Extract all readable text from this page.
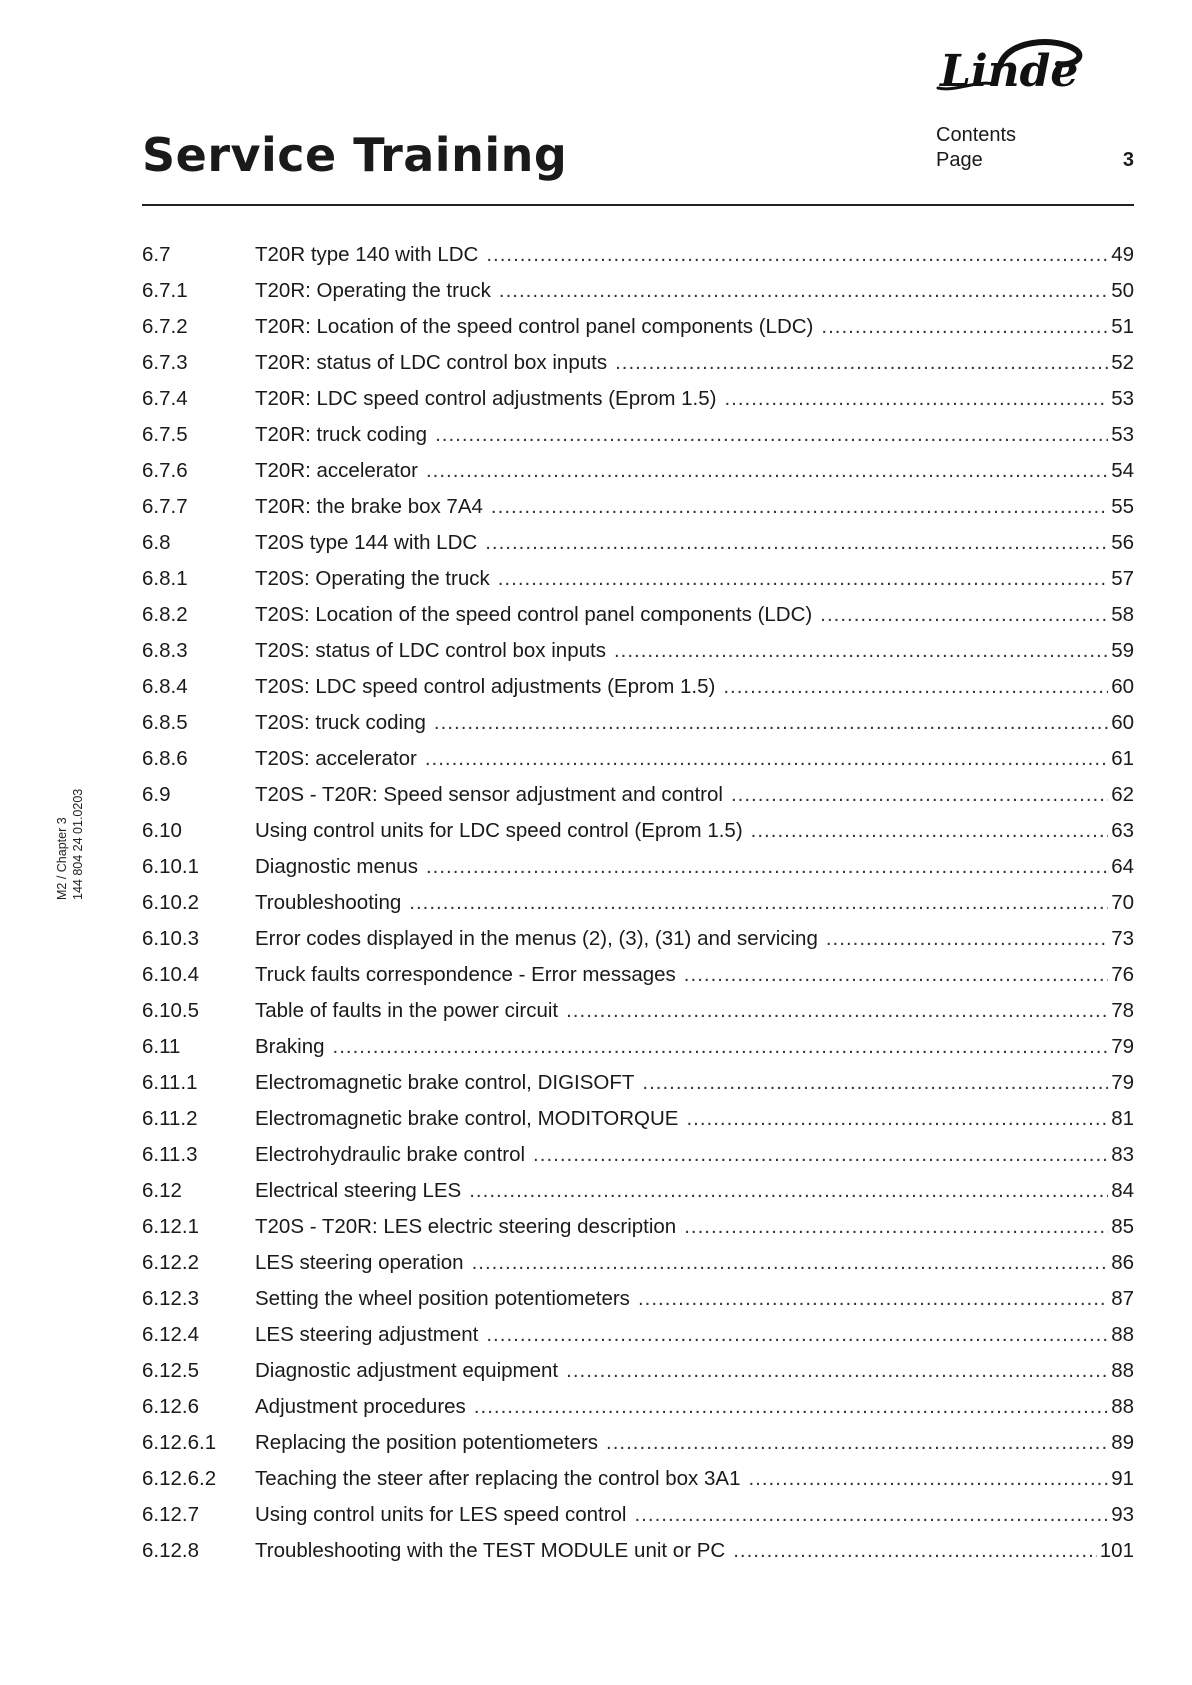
Linde
Service Training	Contents
Page	3
M2 / Chapter 3 144 804 24 01.0203
6.7	T20R type 140 with LDC .....	49
6.7.1	T20R: Operating the truck .....	50
6.7.2	T20R: Location of the speed control panel components (LDC) .....	51
6.7.3	T20R: status of LDC control box inputs .....	52
6.7.4	T20R: LDC speed control adjustments (Eprom 1.5) .....	53
6.7.5	T20R: truck coding .....	53
6.7.6	T20R: accelerator .....	54
6.7.7	T20R: the brake box 7A4 .....	55
6.8	T20S type 144 with LDC .....	56
6.8.1	T20S: Operating the truck .....	57
6.8.2	T20S: Location of the speed control panel components (LDC) .....	58
6.8.3	T20S: status of LDC control box inputs .....	59
6.8.4	T20S: LDC speed control adjustments (Eprom 1.5) .....	60
6.8.5	T20S: truck coding .....	60
6.8.6	T20S: accelerator .....	61
6.9	T20S - T20R: Speed sensor adjustment and control .....	62
6.10	Using control units for LDC speed control (Eprom 1.5) .....	63
6.10.1	Diagnostic menus .....	64
6.10.2	Troubleshooting .....	70
6.10.3	Error codes displayed in the menus (2), (3), (31) and servicing .....	73
6.10.4	Truck faults correspondence - Error messages .....	76
6.10.5	Table of faults in the power circuit .....	78
6.11	Braking .....	79
6.11.1	Electromagnetic brake control, DIGISOFT .....	79
6.11.2	Electromagnetic brake control, MODITORQUE .....	81
6.11.3	Electrohydraulic brake control .....	83
6.12	Electrical steering LES .....	84
6.12.1	T20S - T20R: LES electric steering description .....	85
6.12.2	LES steering operation .....	86
6.12.3	Setting the wheel position potentiometers .....	87
6.12.4	LES steering adjustment .....	88
6.12.5	Diagnostic adjustment equipment .....	88
6.12.6	Adjustment procedures .....	88
6.12.6.1	Replacing the position potentiometers .....	89
6.12.6.2	Teaching the steer after replacing the control box 3A1 .....	91
6.12.7	Using control units for LES speed control .....	93
6.12.8	Troubleshooting with the TEST MODULE unit or PC .....	101
